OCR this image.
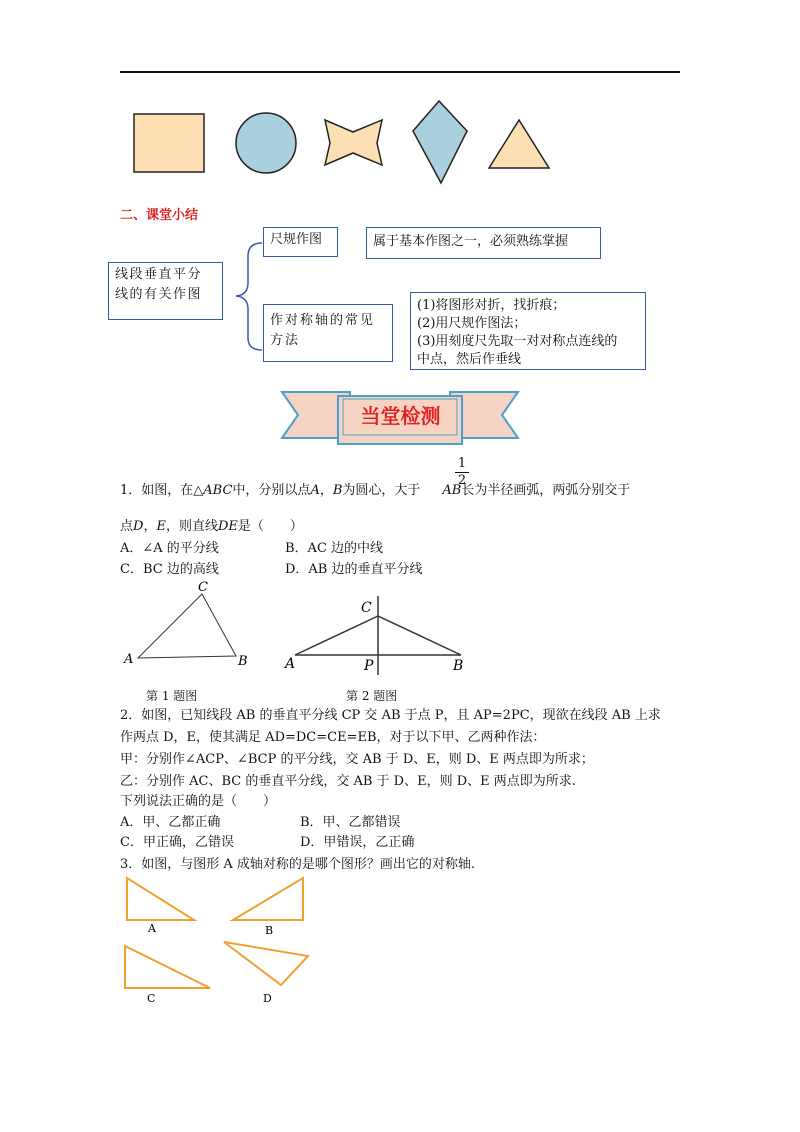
二、课堂小结
线段垂直平分线的有关作图
尺规作图	属于基本作图之一，必须熟练掌握
作对称轴的常见方法
(1)将图形对折，找折痕；
(2)用尺规作图法；
(3)用刻度尺先取一对对称点连线的
中点，然后作垂线
当堂检测
$\frac{1}{2}$
1．如图，在△ABC中，分别以点A，B为圆心，大于 AB长为半径画弧，两弧分别交于
点D，E，则直线DE是（　　）
A．∠A 的平分线	B．AC 边的中线
C．BC 边的高线	D．AB 边的垂直平分线
C
A	B
C
A	P	B
第 1 题图	第 2 题图
2．如图，已知线段 AB 的垂直平分线 CP 交 AB 于点 P，且 AP=2PC，现欲在线段 AB 上求
作两点 D，E，使其满足 AD=DC=CE=EB，对于以下甲、乙两种作法：
甲：分别作∠ACP、∠BCP 的平分线，交 AB 于 D、E，则 D、E 两点即为所求；
乙：分别作 AC、BC 的垂直平分线，交 AB 于 D、E，则 D、E 两点即为所求.
下列说法正确的是（　　）
A．甲、乙都正确	B．甲、乙都错误
C．甲正确，乙错误	D．甲错误，乙正确
3．如图，与图形 A 成轴对称的是哪个图形？画出它的对称轴.
A	B
C	D
